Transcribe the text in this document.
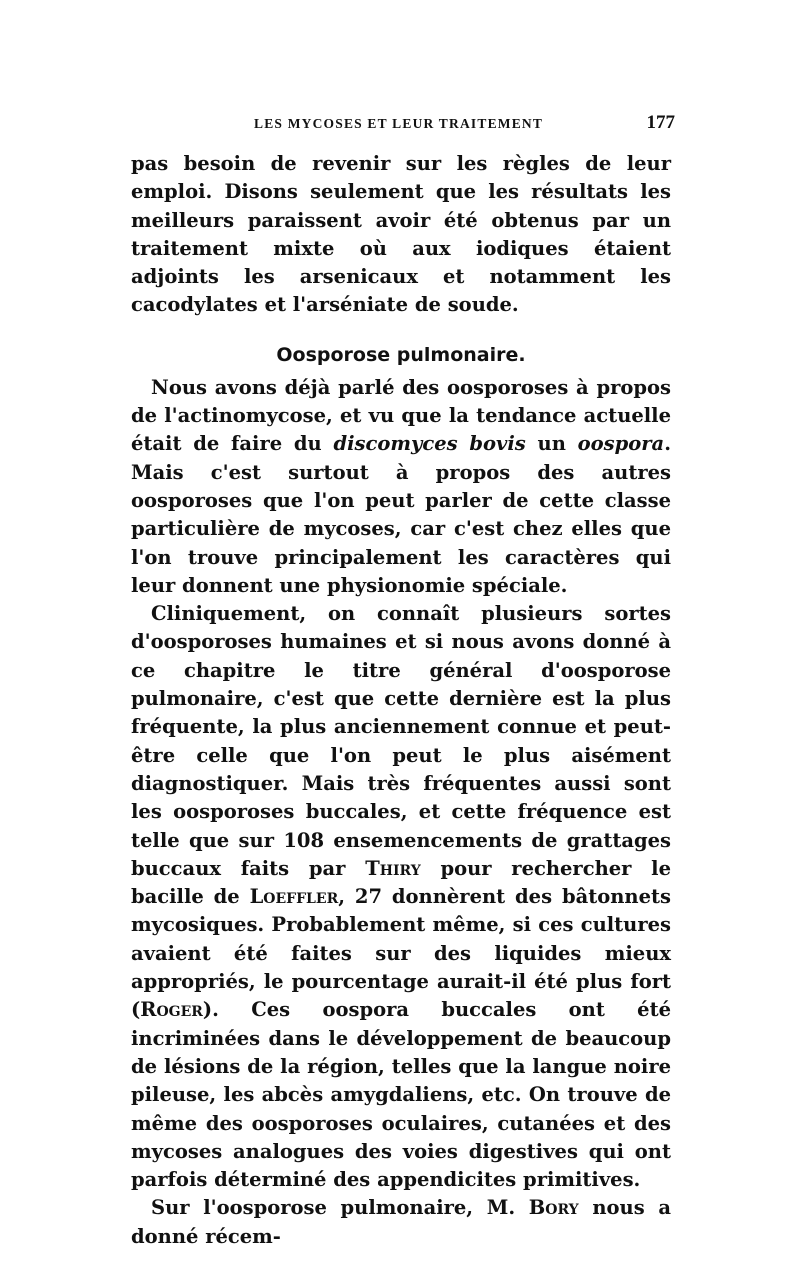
LES MYCOSES ET LEUR TRAITEMENT	177

pas besoin de revenir sur les règles de leur emploi. Disons seulement que les résultats les meilleurs paraissent avoir été obtenus par un traitement mixte où aux iodiques étaient adjoints les arsenicaux et notamment les cacodylates et l'arséniate de soude.

Oosporose pulmonaire.

Nous avons déjà parlé des oosporoses à propos de l'actinomycose, et vu que la tendance actuelle était de faire du discomyces bovis un oospora. Mais c'est surtout à propos des autres oosporoses que l'on peut parler de cette classe particulière de mycoses, car c'est chez elles que l'on trouve principalement les caractères qui leur donnent une physionomie spéciale.

Cliniquement, on connaît plusieurs sortes d'oosporoses humaines et si nous avons donné à ce chapitre le titre général d'oosporose pulmonaire, c'est que cette dernière est la plus fréquente, la plus anciennement connue et peut-être celle que l'on peut le plus aisément diagnostiquer. Mais très fréquentes aussi sont les oosporoses buccales, et cette fréquence est telle que sur 108 ensemencements de grattages buccaux faits par Thiry pour rechercher le bacille de Loeffler, 27 donnèrent des bâtonnets mycosiques. Probablement même, si ces cultures avaient été faites sur des liquides mieux appropriés, le pourcentage aurait-il été plus fort (Roger). Ces oospora buccales ont été incriminées dans le développement de beaucoup de lésions de la région, telles que la langue noire pileuse, les abcès amygdaliens, etc. On trouve de même des oosporoses oculaires, cutanées et des mycoses analogues des voies digestives qui ont parfois déterminé des appendicites primitives.

Sur l'oosporose pulmonaire, M. Bory nous a donné récem-
